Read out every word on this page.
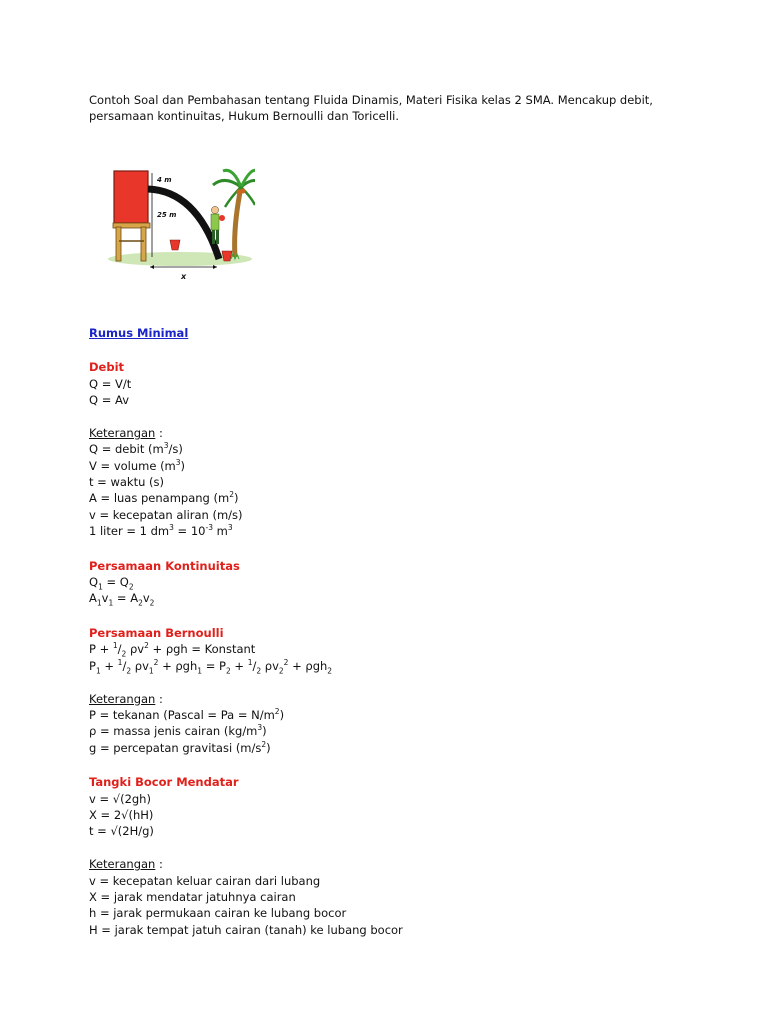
Contoh Soal dan Pembahasan tentang Fluida Dinamis, Materi Fisika kelas 2 SMA. Mencakup debit, persamaan kontinuitas, Hukum Bernoulli dan Toricelli.

4 m
25 m
x
Rumus Minimal
Debit
Q = V/t
Q = Av
Keterangan :
Q = debit $(m^3/s)$
V = volume $(m^3)$
t = waktu (s)
A = luas penampang $(m^2)$
v = kecepatan aliran (m/s)
1 liter = 1 $dm^3 = 10^{-3}$ $m^3$
Persamaan Kontinuitas
$Q_1 = Q_2$
$A_1v_1 = A_2v_2$
Persamaan Bernoulli
$P + ^1/_2$ $\rho v^2 + \rho gh$ = Konstant
$P_1 + ^1/_2$ $\rho v_1^2 + \rho gh_1 = P_2 + ^1/_2$ $\rho v_2^2 + \rho gh_2$
Keterangan :
P = tekanan (Pascal = $Pa = N/m^2$)
ρ = massa jenis cairan $(kg/m^3)$
g = percepatan gravitasi $(m/s^2)$
Tangki Bocor Mendatar
v = √(2gh)
X = 2√(hH)
t = √(2H/g)
Keterangan :
v = kecepatan keluar cairan dari lubang
X = jarak mendatar jatuhnya cairan
h = jarak permukaan cairan ke lubang bocor
H = jarak tempat jatuh cairan (tanah) ke lubang bocor
